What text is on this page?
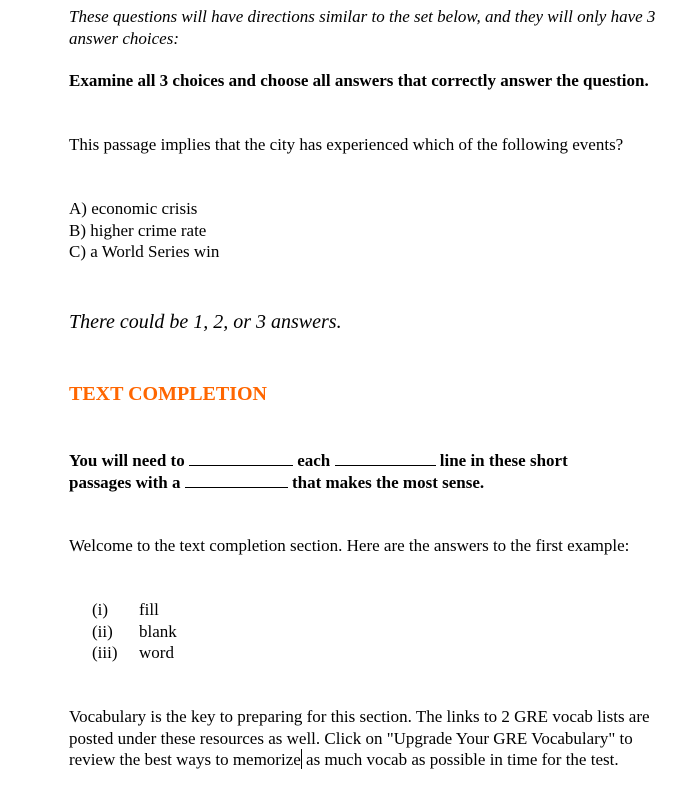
These questions will have directions similar to the set below, and they will only have 3 answer choices:

Examine all 3 choices and choose all answers that correctly answer the question.

This passage implies that the city has experienced which of the following events?

A) economic crisis
B) higher crime rate
C) a World Series win

There could be 1, 2, or 3 answers.

TEXT COMPLETION

You will need to	each	line in these short passages with a	that makes the most sense.

Welcome to the text completion section. Here are the answers to the first example:

(i)	fill
(ii)	blank
(iii)	word

Vocabulary is the key to preparing for this section. The links to 2 GRE vocab lists are posted under these resources as well. Click on "Upgrade Your GRE Vocabulary" to review the best ways to memorize as much vocab as possible in time for the test.
